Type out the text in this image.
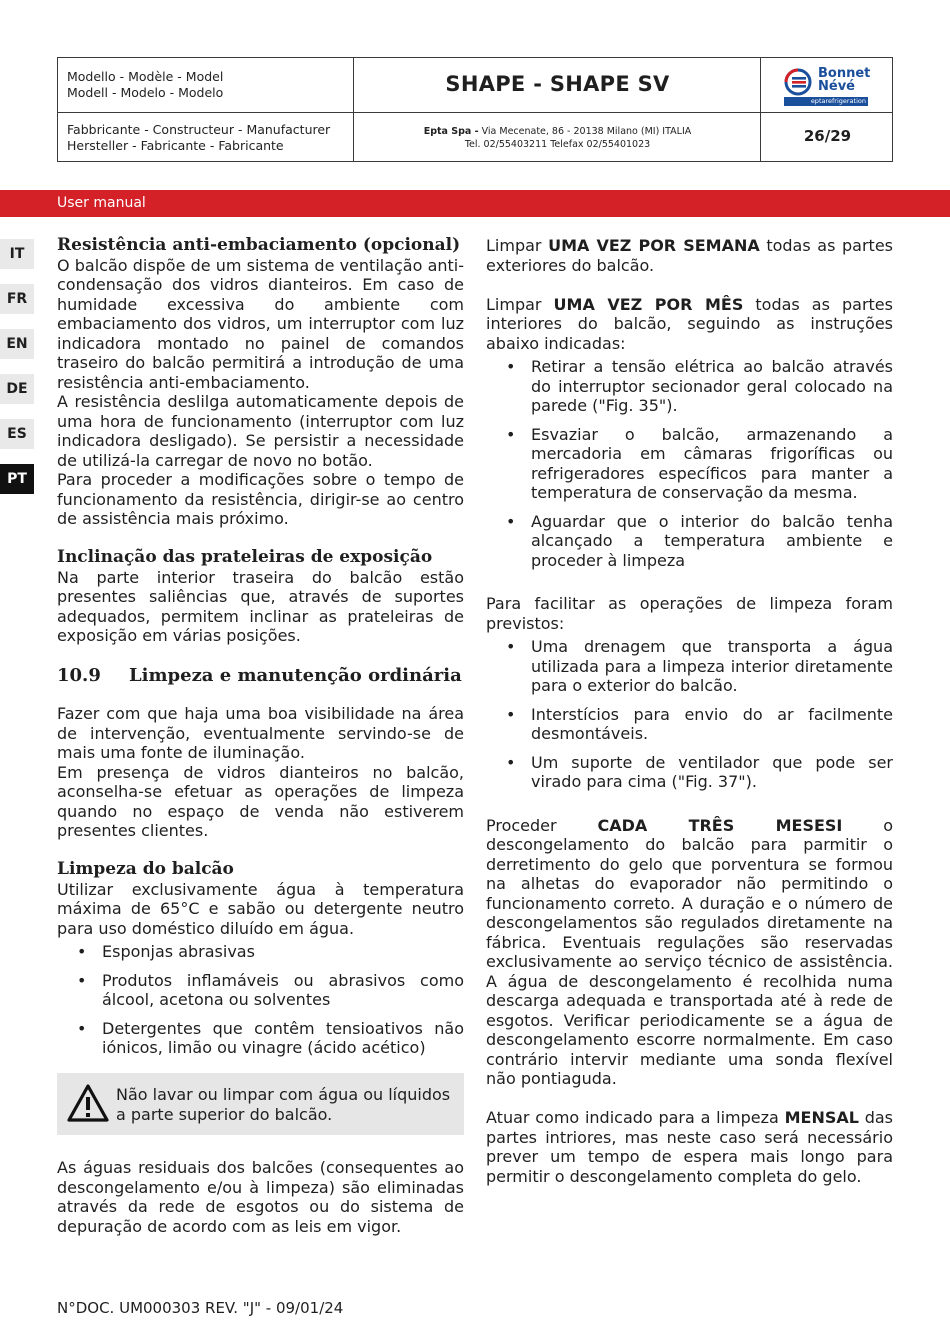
Modello - Modèle - Model
Modell - Modelo - Modelo	SHAPE - SHAPE SV	Bonnet
Névé
eptarefrigeration
Fabbricante - Constructeur - Manufacturer
Hersteller - Fabricante - Fabricante
Epta Spa - Via Mecenate, 86 - 20138 Milano (MI) ITALIA
Tel. 02/55403211 Telefax 02/55401023	26/29
User manual
IT
FR
EN
DE
ES
PT
Resistência anti-embaciamento (opcional)

O balcão dispõe de um sistema de ventilação anti-condensação dos vidros dianteiros. Em caso de humidade excessiva do ambiente com embaciamento dos vidros, um interruptor com luz indicadora montado no painel de comandos traseiro do balcão permitirá a introdução de uma resistência anti-embaciamento.

A resistência deslilga automaticamente depois de uma hora de funcionamento (interruptor com luz indicadora desligado). Se persistir a necessidade de utilizá-la carregar de novo no botão.

Para proceder a modificações sobre o tempo de funcionamento da resistência, dirigir-se ao centro de assistência mais próximo.

Inclinação das prateleiras de exposição

Na parte interior traseira do balcão estão presentes saliências que, através de suportes adequados, permitem inclinar as prateleiras de exposição em várias posições.

10.9 Limpeza e manutenção ordinária

Fazer com que haja uma boa visibilidade na área de intervenção, eventualmente servindo-se de mais uma fonte de iluminação.

Em presença de vidros dianteiros no balcão, aconselha-se efetuar as operações de limpeza quando no espaço de venda não estiverem presentes clientes.

Limpeza do balcão

Utilizar exclusivamente água à temperatura máxima de 65°C e sabão ou detergente neutro para uso doméstico diluído em água.

• Esponjas abrasivas
• Produtos inflamáveis ou abrasivos como álcool, acetona ou solventes
• Detergentes que contêm tensioativos não iónicos, limão ou vinagre (ácido acético)
Não lavar ou limpar com água ou líquidos a parte superior do balcão.

As águas residuais dos balcões (consequentes ao descongelamento e/ou à limpeza) são eliminadas através da rede de esgotos ou do sistema de depuração de acordo com as leis em vigor.

Limpar UMA VEZ POR SEMANA todas as partes exteriores do balcão.

Limpar UMA VEZ POR MÊS todas as partes interiores do balcão, seguindo as instruções abaixo indicadas:

• Retirar a tensão elétrica ao balcão através do interruptor secionador geral colocado na parede ("Fig. 35").
• Esvaziar o balcão, armazenando a mercadoria em câmaras frigoríficas ou refrigeradores específicos para manter a temperatura de conservação da mesma.
• Aguardar que o interior do balcão tenha alcançado a temperatura ambiente e proceder à limpeza

Para facilitar as operações de limpeza foram previstos:

• Uma drenagem que transporta a água utilizada para a limpeza interior diretamente para o exterior do balcão.
• Interstícios para envio do ar facilmente desmontáveis.
• Um suporte de ventilador que pode ser virado para cima ("Fig. 37").

Proceder CADA TRÊS MESESI o descongelamento do balcão para parmitir o derretimento do gelo que porventura se formou na alhetas do evaporador não permitindo o funcionamento correto. A duração e o número de descongelamentos são regulados diretamente na fábrica. Eventuais regulações são reservadas exclusivamente ao serviço técnico de assistência. A água de descongelamento é recolhida numa descarga adequada e transportada até à rede de esgotos. Verificar periodicamente se a água de descongelamento escorre normalmente. Em caso contrário intervir mediante uma sonda flexível não pontiaguda.

Atuar como indicado para a limpeza MENSAL das partes intriores, mas neste caso será necessário prever um tempo de espera mais longo para permitir o descongelamento completa do gelo.

N°DOC. UM000303 REV. "J" - 09/01/24
